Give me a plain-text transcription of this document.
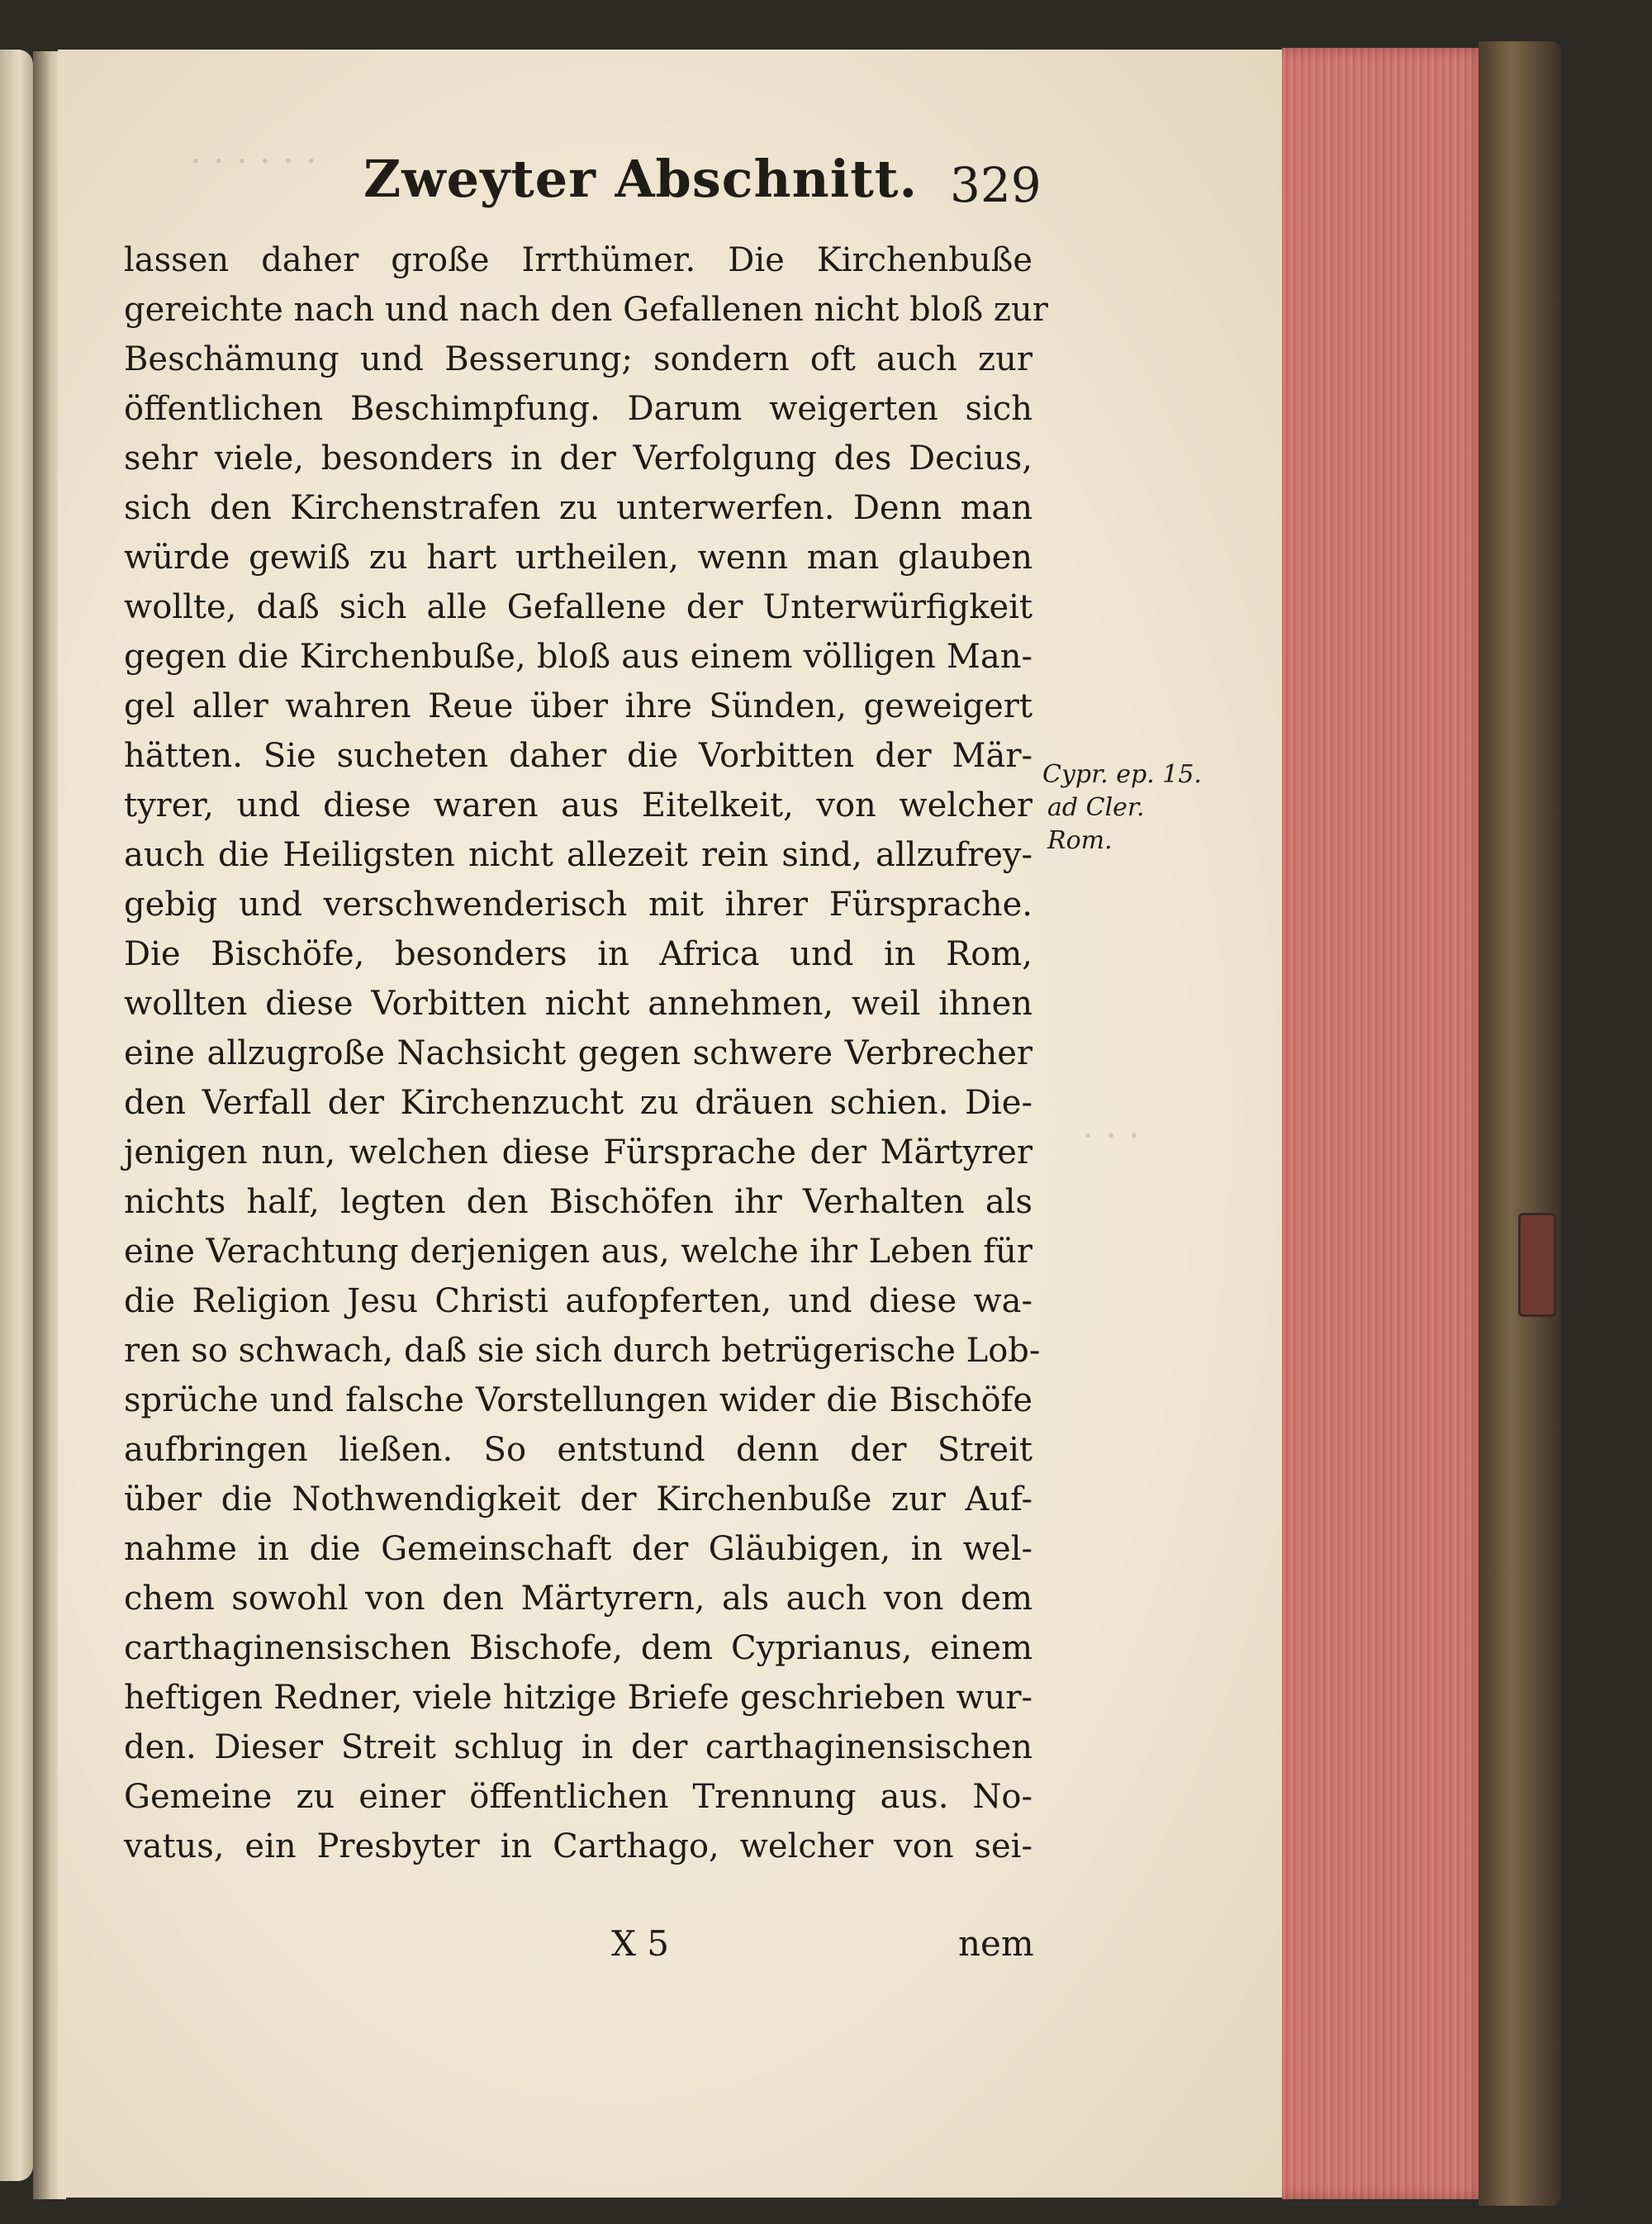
· · · · · ·
· · ·
Zweyter Abschnitt. 329
lassen daher große Irrthümer. Die Kirchenbuße
gereichte nach und nach den Gefallenen nicht bloß zur
Beschämung und Besserung; sondern oft auch zur
öffentlichen Beschimpfung. Darum weigerten sich
sehr viele, besonders in der Verfolgung des Decius,
sich den Kirchenstrafen zu unterwerfen. Denn man
würde gewiß zu hart urtheilen, wenn man glauben
wollte, daß sich alle Gefallene der Unterwürfigkeit
gegen die Kirchenbuße, bloß aus einem völligen Man-
gel aller wahren Reue über ihre Sünden, geweigert
hätten. Sie sucheten daher die Vorbitten der Mär-
tyrer, und diese waren aus Eitelkeit, von welcher
auch die Heiligsten nicht allezeit rein sind, allzufrey-
gebig und verschwenderisch mit ihrer Fürsprache.
Die Bischöfe, besonders in Africa und in Rom,
wollten diese Vorbitten nicht annehmen, weil ihnen
eine allzugroße Nachsicht gegen schwere Verbrecher
den Verfall der Kirchenzucht zu dräuen schien. Die-
jenigen nun, welchen diese Fürsprache der Märtyrer
nichts half, legten den Bischöfen ihr Verhalten als
eine Verachtung derjenigen aus, welche ihr Leben für
die Religion Jesu Christi aufopferten, und diese wa-
ren so schwach, daß sie sich durch betrügerische Lob-
sprüche und falsche Vorstellungen wider die Bischöfe
aufbringen ließen. So entstund denn der Streit
über die Nothwendigkeit der Kirchenbuße zur Auf-
nahme in die Gemeinschaft der Gläubigen, in wel-
chem sowohl von den Märtyrern, als auch von dem
carthaginensischen Bischofe, dem Cyprianus, einem
heftigen Redner, viele hitzige Briefe geschrieben wur-
den. Dieser Streit schlug in der carthaginensischen
Gemeine zu einer öffentlichen Trennung aus. No-
vatus, ein Presbyter in Carthago, welcher von sei-
Cypr. ep. 15.
ad Cler.
Rom.
X 5	nem
